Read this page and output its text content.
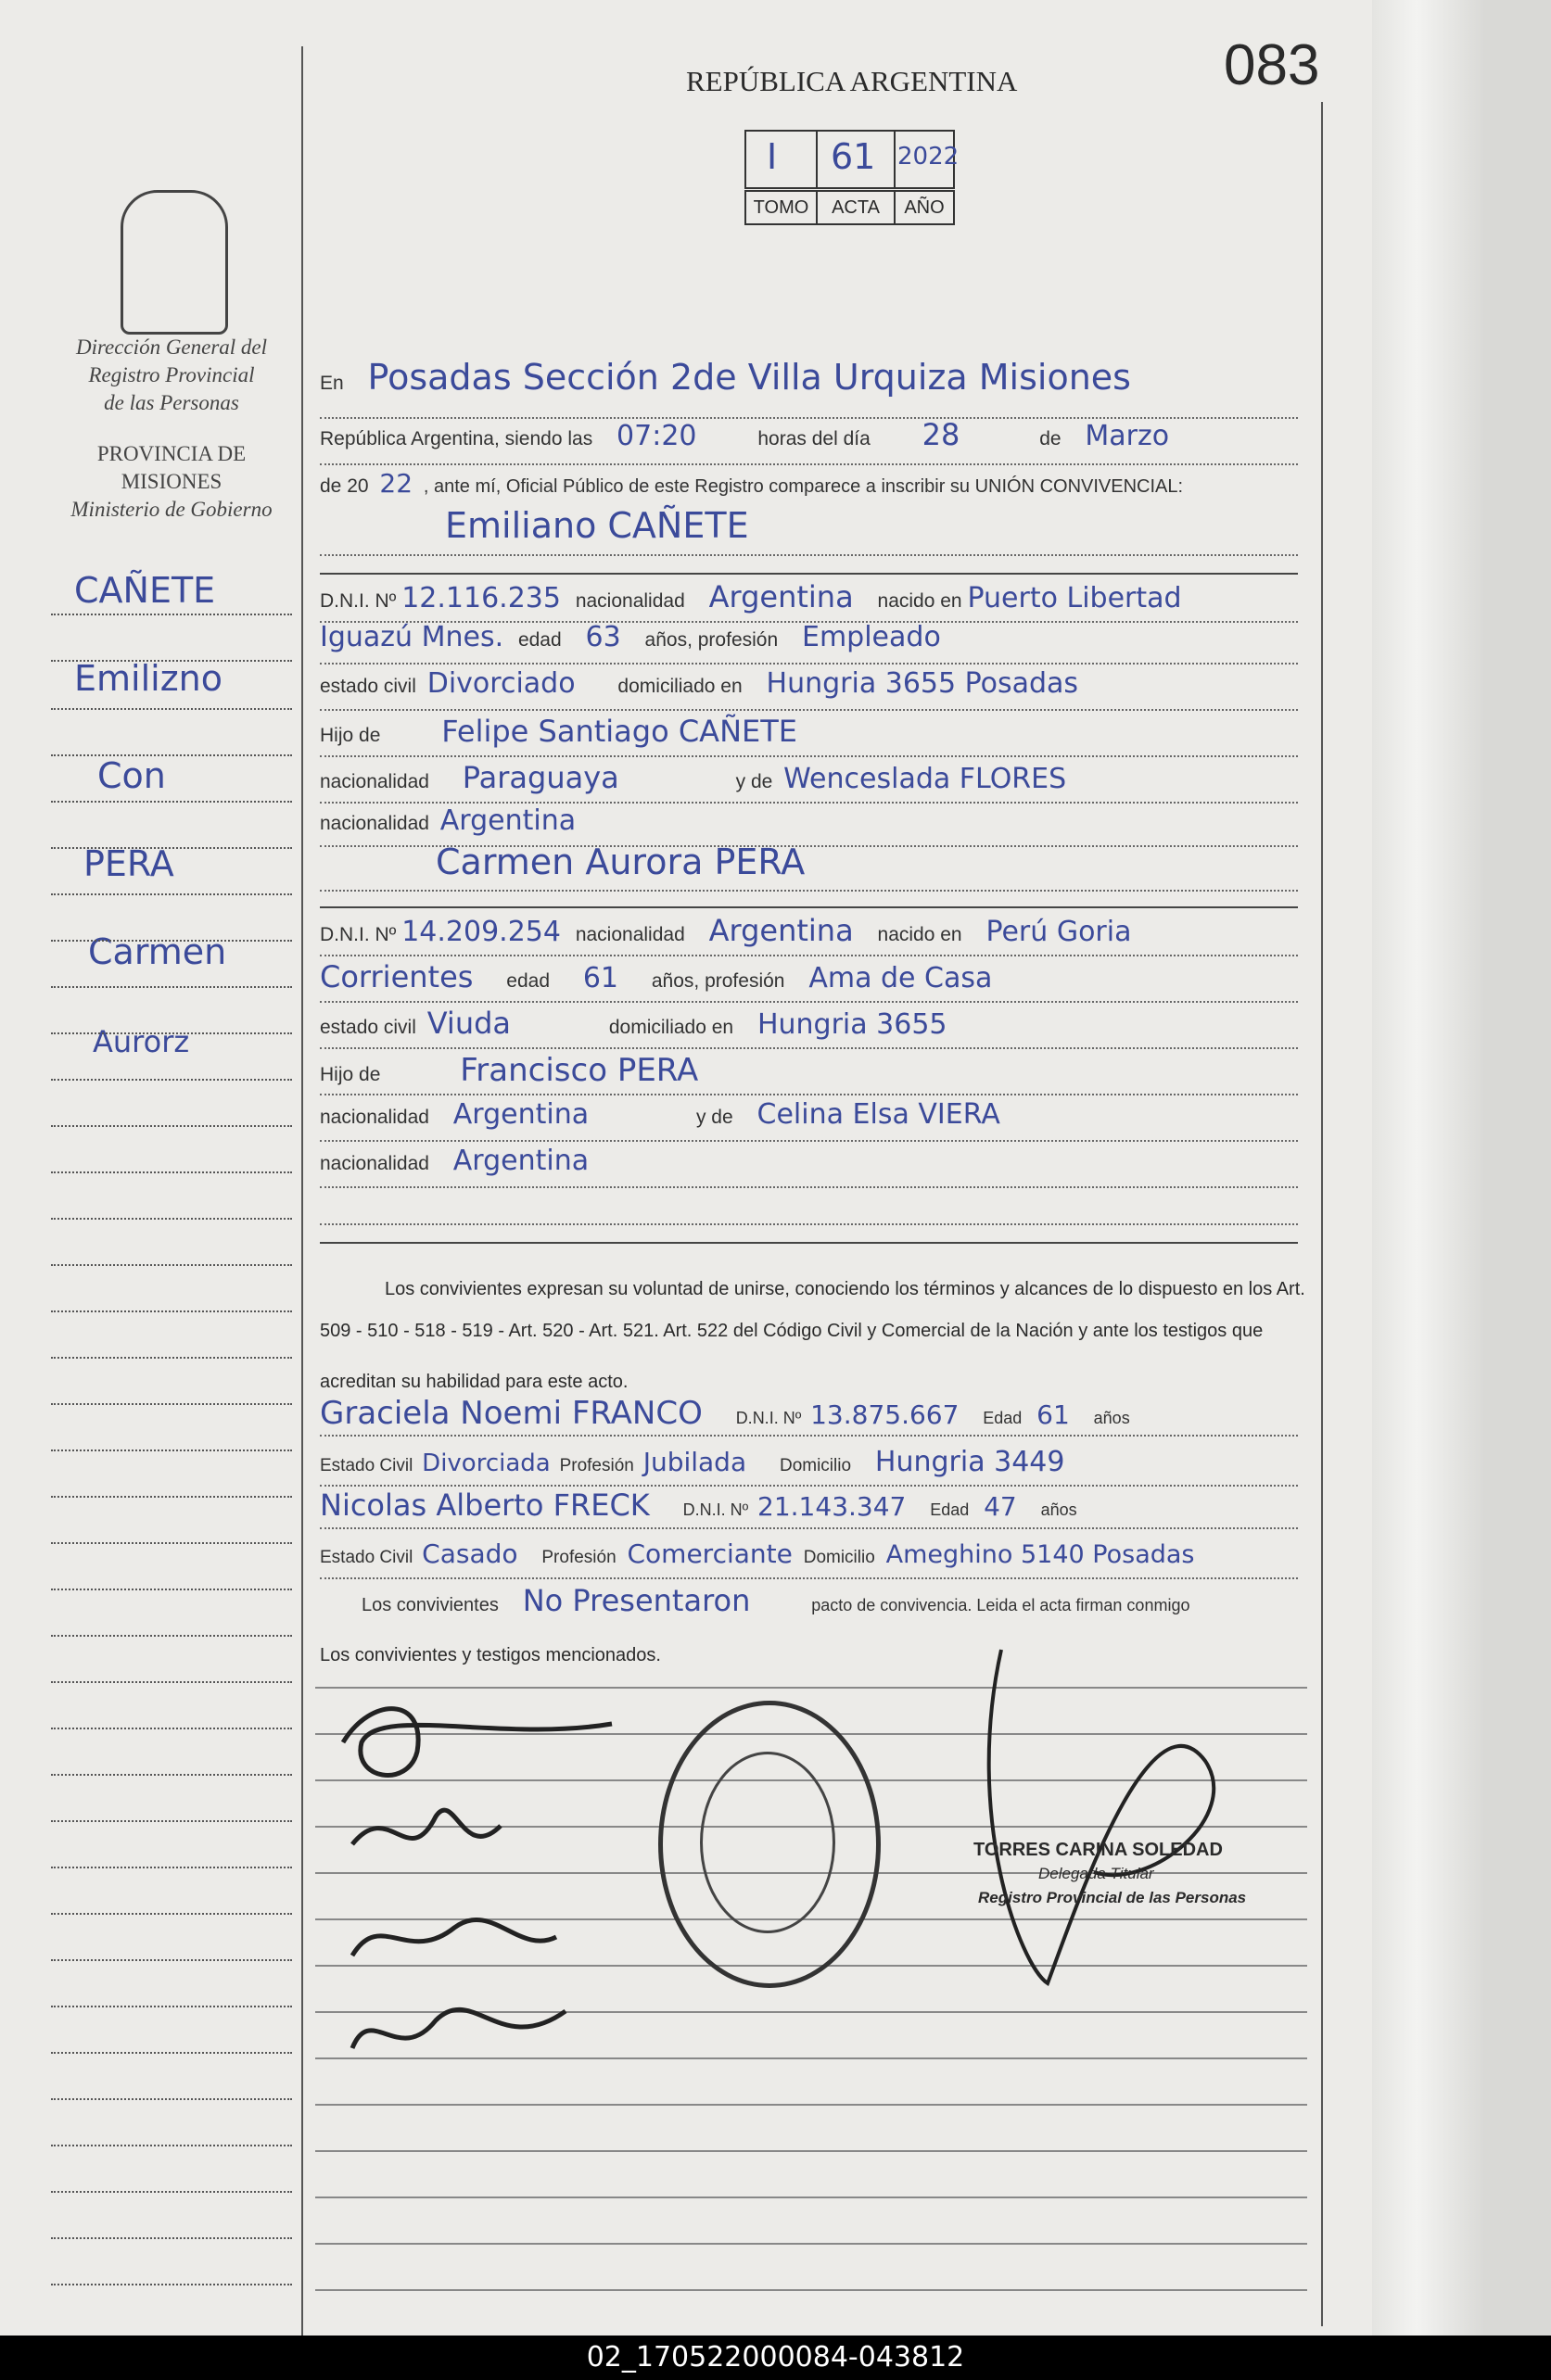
083
REPÚBLICA ARGENTINA
I 61 2022
TOMO	ACTA	AÑO
Dirección General del
Registro Provincial
de las Personas
PROVINCIA DE
MISIONES
Ministerio de Gobierno
CAÑETE
Emilizno
Con
PERA
Carmen
Aurorz
En Posadas Sección 2de Villa Urquiza Misiones
República Argentina, siendo las 07:20	horas del día 28	de Marzo
de 20 22 , ante mí, Oficial Público de este Registro comparece a inscribir su UNIÓN CONVIVENCIAL:
Emiliano CAÑETE
D.N.I. Nº 12.116.235 nacionalidad Argentina nacido en Puerto Libertad
Iguazú Mnes. edad 63 años, profesión Empleado
estado civil Divorciado domiciliado en Hungria 3655 Posadas
Hijo de Felipe Santiago CAÑETE
nacionalidad Paraguaya	y de Wenceslada FLORES
nacionalidad Argentina
Carmen Aurora PERA
D.N.I. Nº 14.209.254 nacionalidad Argentina nacido en Perú Goria
Corrientes edad 61 años, profesión Ama de Casa
estado civil Viuda	domiciliado en Hungria 3655
Hijo de	Francisco PERA
nacionalidad Argentina	y de Celina Elsa VIERA
nacionalidad Argentina
Los convivientes expresan su voluntad de unirse, conociendo los términos y alcances de lo dispuesto en los Art.
509 - 510 - 518 - 519 - Art. 520 - Art. 521. Art. 522 del Código Civil y Comercial de la Nación y ante los testigos que
acreditan su habilidad para este acto.
Graciela Noemi FRANCO D.N.I. Nº 13.875.667 Edad 61 años
Estado Civil Divorciada Profesión Jubilada Domicilio Hungria 3449
Nicolas Alberto FRECK D.N.I. Nº 21.143.347 Edad 47 años
Estado Civil Casado Profesión Comerciante Domicilio Ameghino 5140 Posadas
Los convivientes No Presentaron	pacto de convivencia. Leida el acta firman conmigo
Los convivientes y testigos mencionados.
TORRES CARINA SOLEDAD
Delegada Titular
Registro Provincial de las Personas
02_170522000084-043812
